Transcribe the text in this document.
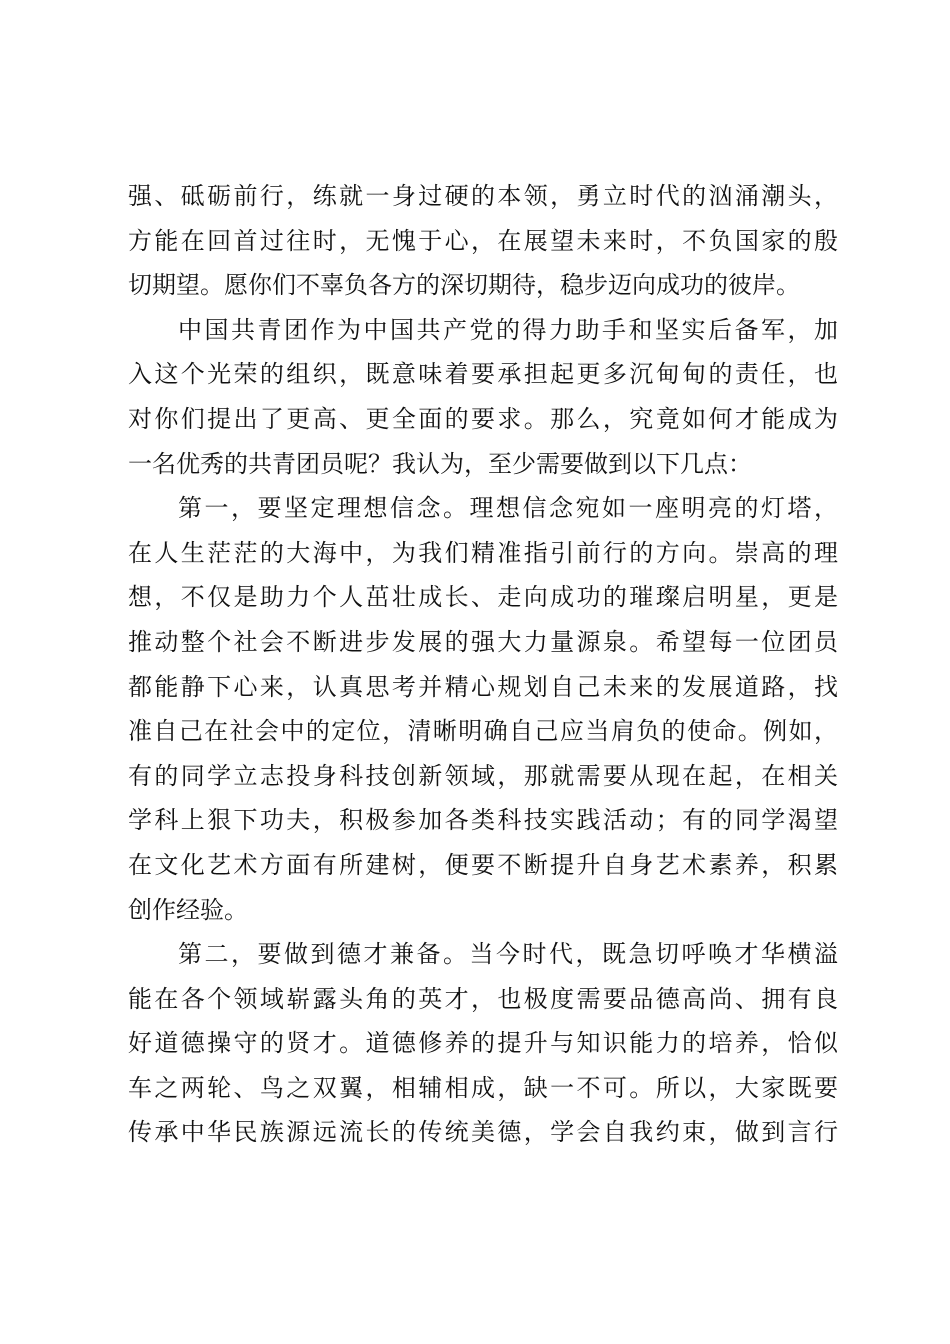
强、砥砺前行，练就一身过硬的本领，勇立时代的汹涌潮头，
方能在回首过往时，无愧于心，在展望未来时，不负国家的殷
切期望。愿你们不辜负各方的深切期待，稳步迈向成功的彼岸。
中国共青团作为中国共产党的得力助手和坚实后备军，加
入这个光荣的组织，既意味着要承担起更多沉甸甸的责任，也
对你们提出了更高、更全面的要求。那么，究竟如何才能成为
一名优秀的共青团员呢？我认为，至少需要做到以下几点：
第一，要坚定理想信念。理想信念宛如一座明亮的灯塔，
在人生茫茫的大海中，为我们精准指引前行的方向。崇高的理
想，不仅是助力个人茁壮成长、走向成功的璀璨启明星，更是
推动整个社会不断进步发展的强大力量源泉。希望每一位团员
都能静下心来，认真思考并精心规划自己未来的发展道路，找
准自己在社会中的定位，清晰明确自己应当肩负的使命。例如，
有的同学立志投身科技创新领域，那就需要从现在起，在相关
学科上狠下功夫，积极参加各类科技实践活动；有的同学渴望
在文化艺术方面有所建树，便要不断提升自身艺术素养，积累
创作经验。
第二，要做到德才兼备。当今时代，既急切呼唤才华横溢
能在各个领域崭露头角的英才，也极度需要品德高尚、拥有良
好道德操守的贤才。道德修养的提升与知识能力的培养，恰似
车之两轮、鸟之双翼，相辅相成，缺一不可。所以，大家既要
传承中华民族源远流长的传统美德，学会自我约束，做到言行
